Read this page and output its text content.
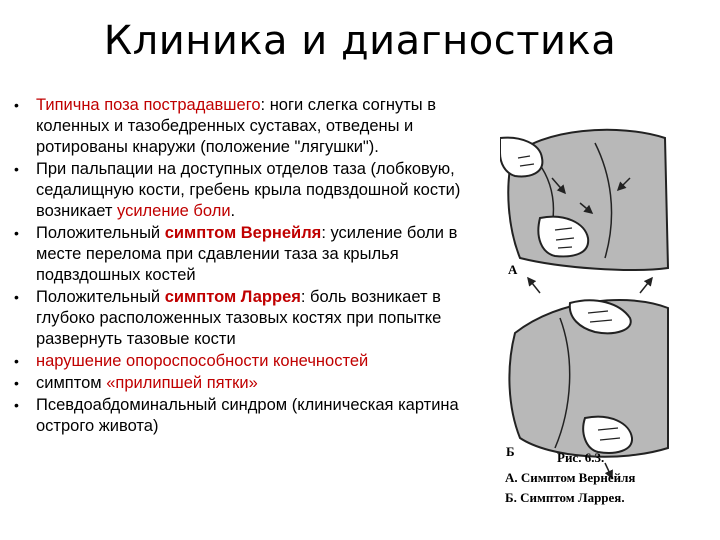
Клиника и диагностика
• Типична поза пострадавшего: ноги слегка согнуты в коленных и тазобедренных суставах, отведены и ротированы кнаружи (положение "лягушки").
• При пальпации на доступных отделов таза (лобковую, седалищную кости, гребень крыла подвздошной кости) возникает усиление боли.
• Положительный симптом Вернейля: усиление боли в месте перелома при сдавлении таза за крылья подвздошных костей
• Положительный симптом Ларрея: боль возникает в глубоко расположенных тазовых костях при попытке развернуть тазовые кости
• нарушение опороспособности конечностей
• симптом «прилипшей пятки»
• Псевдоабдоминальный синдром (клиническая картина острого живота)
А
Б	Рис. 6.3.
А. Симптом Вернейля
Б. Симптом Ларрея.
